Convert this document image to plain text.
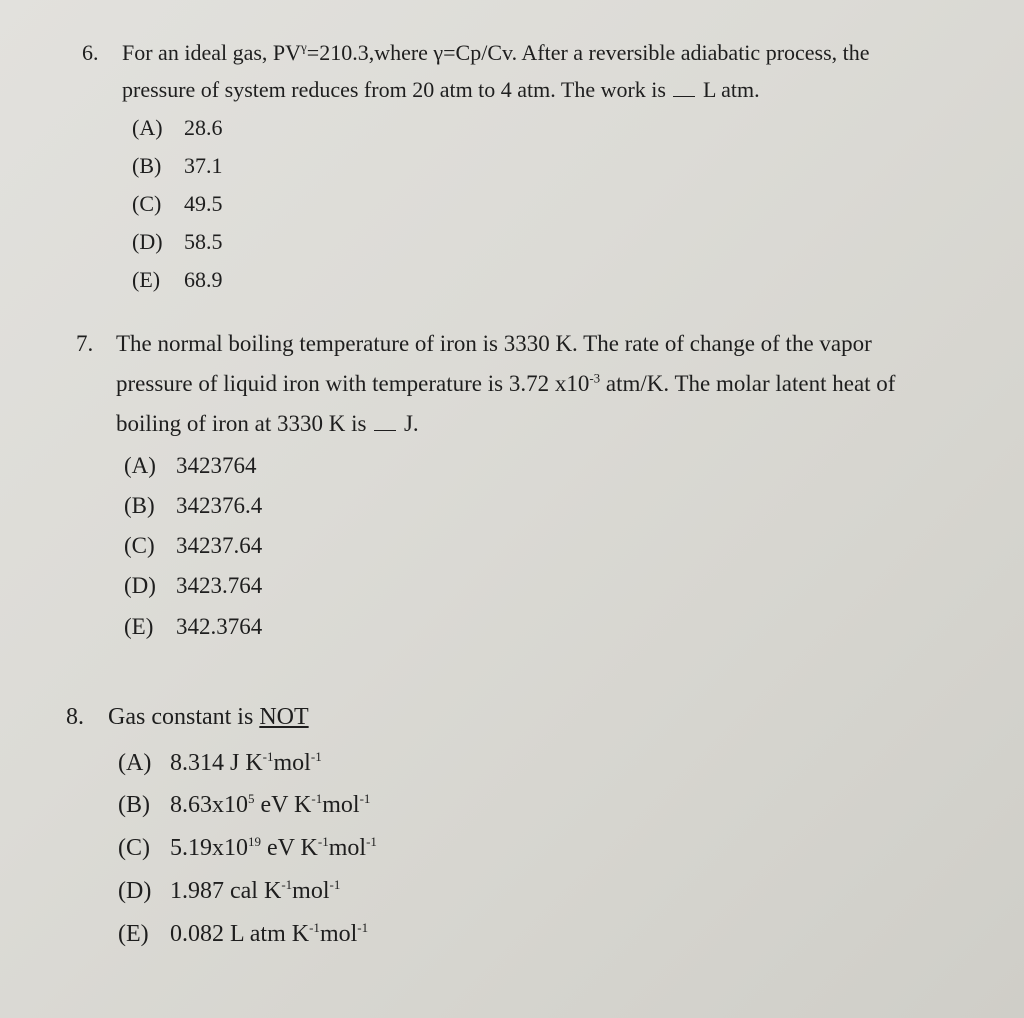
6. For an ideal gas, $PV^\gamma=210.3,where$ γ=Cp/Cv. After a reversible adiabatic process, the
pressure of system reduces from 20 atm to 4 atm. The work is L atm.
(A) 28.6
(B) 37.1
(C) 49.5
(D) 58.5
(E) 68.9
7. The normal boiling temperature of iron is 3330 K. The rate of change of the vapor
pressure of liquid iron with temperature is 3.72 $x10^{-3}$ atm/K. The molar latent heat of
boiling of iron at 3330 K is J.
(A) 3423764
(B) 342376.4
(C) 34237.64
(D) 3423.764
(E) 342.3764
8. Gas constant is NOT
(A) 8.314 J $K^{-1}mol^{-1}$
(B) $8.63x10^5$ eV $K^{-1}mol^{-1}$
(C) $5.19x10^{19}$ eV $K^{-1}mol^{-1}$
(D) 1.987 cal $K^{-1}mol^{-1}$
(E) 0.082 L atm $K^{-1}mol^{-1}$
